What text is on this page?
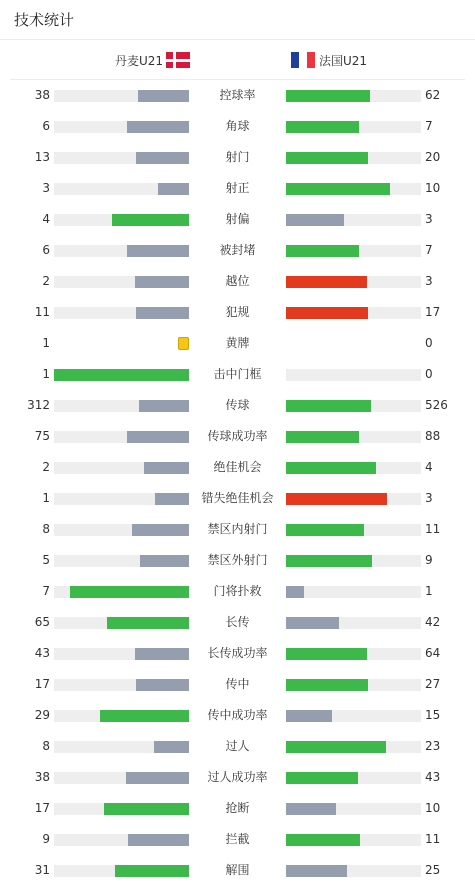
技术统计
丹麦U21	法国U21
38	控球率	62
6	角球	7
13	射门	20
3	射正	10
4	射偏	3
6	被封堵	7
2	越位	3
11	犯规	17
1	黄牌	0
1	击中门框	0
312	传球	526
75	传球成功率	88
2	绝佳机会	4
1	错失绝佳机会	3
8	禁区内射门	11
5	禁区外射门	9
7	门将扑救	1
65	长传	42
43	长传成功率	64
17	传中	27
29	传中成功率	15
8	过人	23
38	过人成功率	43
17	抢断	10
9	拦截	11
31	解围	25
